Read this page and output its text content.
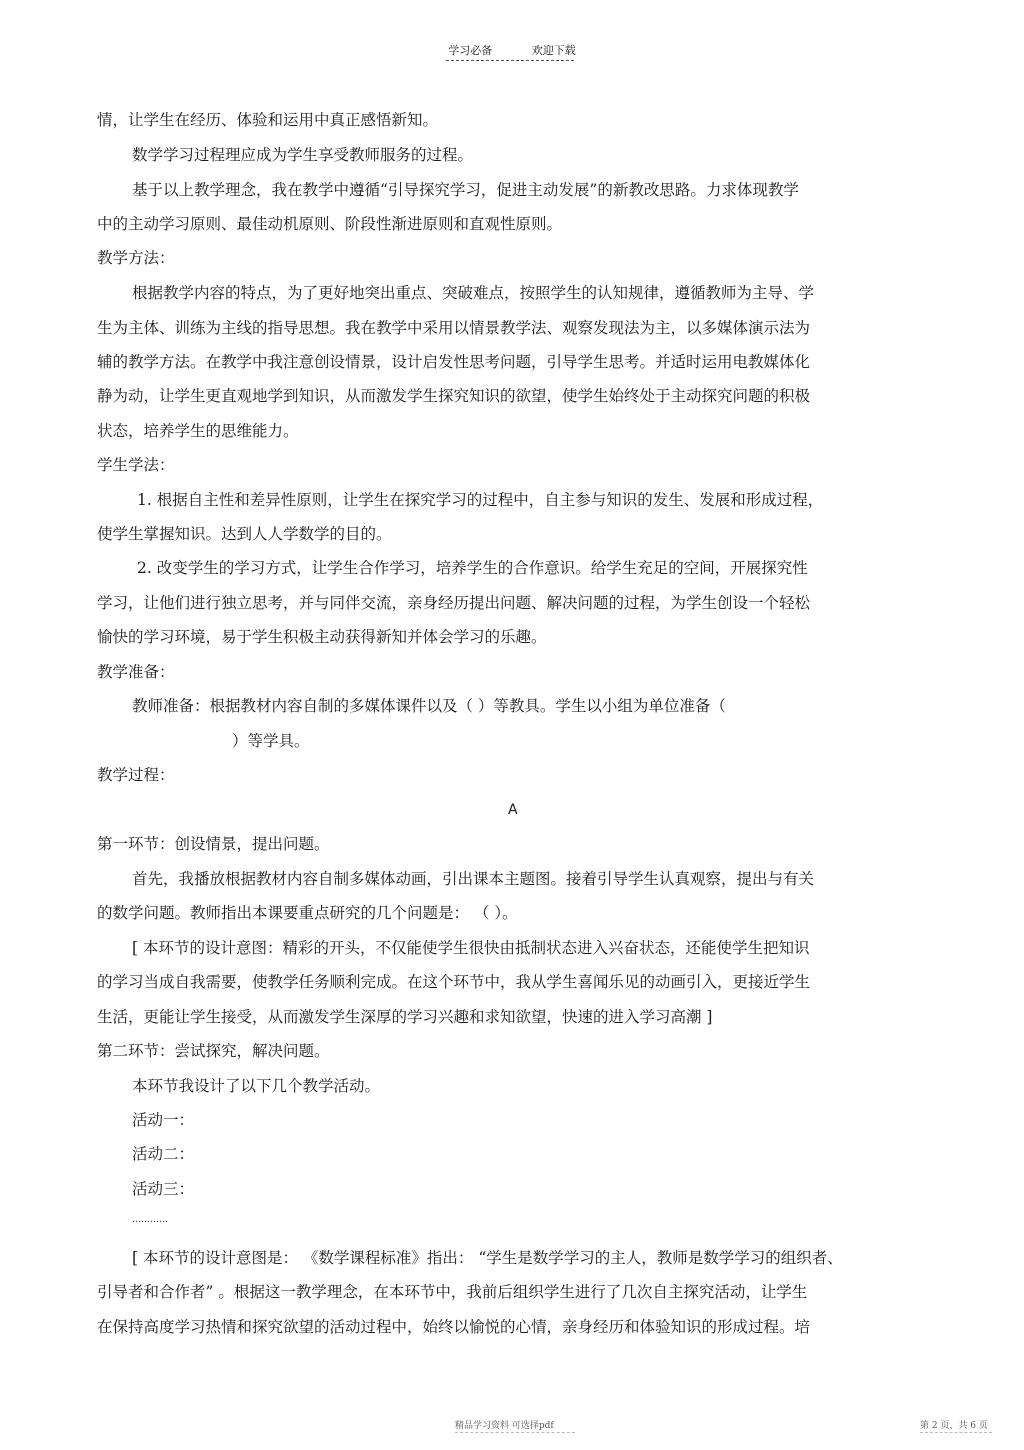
学习必备	欢迎下载
情，让学生在经历、体验和运用中真正感悟新知。
数学学习过程理应成为学生享受教师服务的过程。
基于以上教学理念，我在教学中遵循“引导探究学习，促进主动发展”的新教改思路。力求体现教学
中的主动学习原则、最佳动机原则、阶段性渐进原则和直观性原则。
教学方法：
根据教学内容的特点，为了更好地突出重点、突破难点，按照学生的认知规律，遵循教师为主导、学
生为主体、训练为主线的指导思想。我在教学中采用以情景教学法、观察发现法为主，以多媒体演示法为
辅的教学方法。在教学中我注意创设情景，设计启发性思考问题，引导学生思考。并适时运用电教媒体化
静为动，让学生更直观地学到知识，从而激发学生探究知识的欲望，使学生始终处于主动探究问题的积极
状态，培养学生的思维能力。
学生学法：
1. 根据自主性和差异性原则，让学生在探究学习的过程中，自主参与知识的发生、发展和形成过程，
使学生掌握知识。达到人人学数学的目的。
2. 改变学生的学习方式，让学生合作学习，培养学生的合作意识。给学生充足的空间，开展探究性
学习，让他们进行独立思考，并与同伴交流，亲身经历提出问题、解决问题的过程，为学生创设一个轻松
愉快的学习环境，易于学生积极主动获得新知并体会学习的乐趣。
教学准备：
教师准备：根据教材内容自制的多媒体课件以及（ ）等教具。学生以小组为单位准备（
）等学具。
教学过程：
A
第一环节：创设情景，提出问题。
首先，我播放根据教材内容自制多媒体动画，引出课本主题图。接着引导学生认真观察，提出与有关
的数学问题。教师指出本课要重点研究的几个问题是： （ ）。
[ 本环节的设计意图：精彩的开头，不仅能使学生很快由抵制状态进入兴奋状态，还能使学生把知识
的学习当成自我需要，使教学任务顺利完成。在这个环节中，我从学生喜闻乐见的动画引入，更接近学生
生活，更能让学生接受，从而激发学生深厚的学习兴趣和求知欲望，快速的进入学习高潮 ]
第二环节：尝试探究，解决问题。
本环节我设计了以下几个教学活动。
活动一：
活动二：
活动三：
…………
[ 本环节的设计意图是： 《数学课程标准》指出： “学生是数学学习的主人，教师是数学学习的组织者、
引导者和合作者” 。根据这一教学理念，在本环节中，我前后组织学生进行了几次自主探究活动，让学生
在保持高度学习热情和探究欲望的活动过程中，始终以愉悦的心情，亲身经历和体验知识的形成过程。培
精品学习资料 可选择pdf	第 2 页，共 6 页
